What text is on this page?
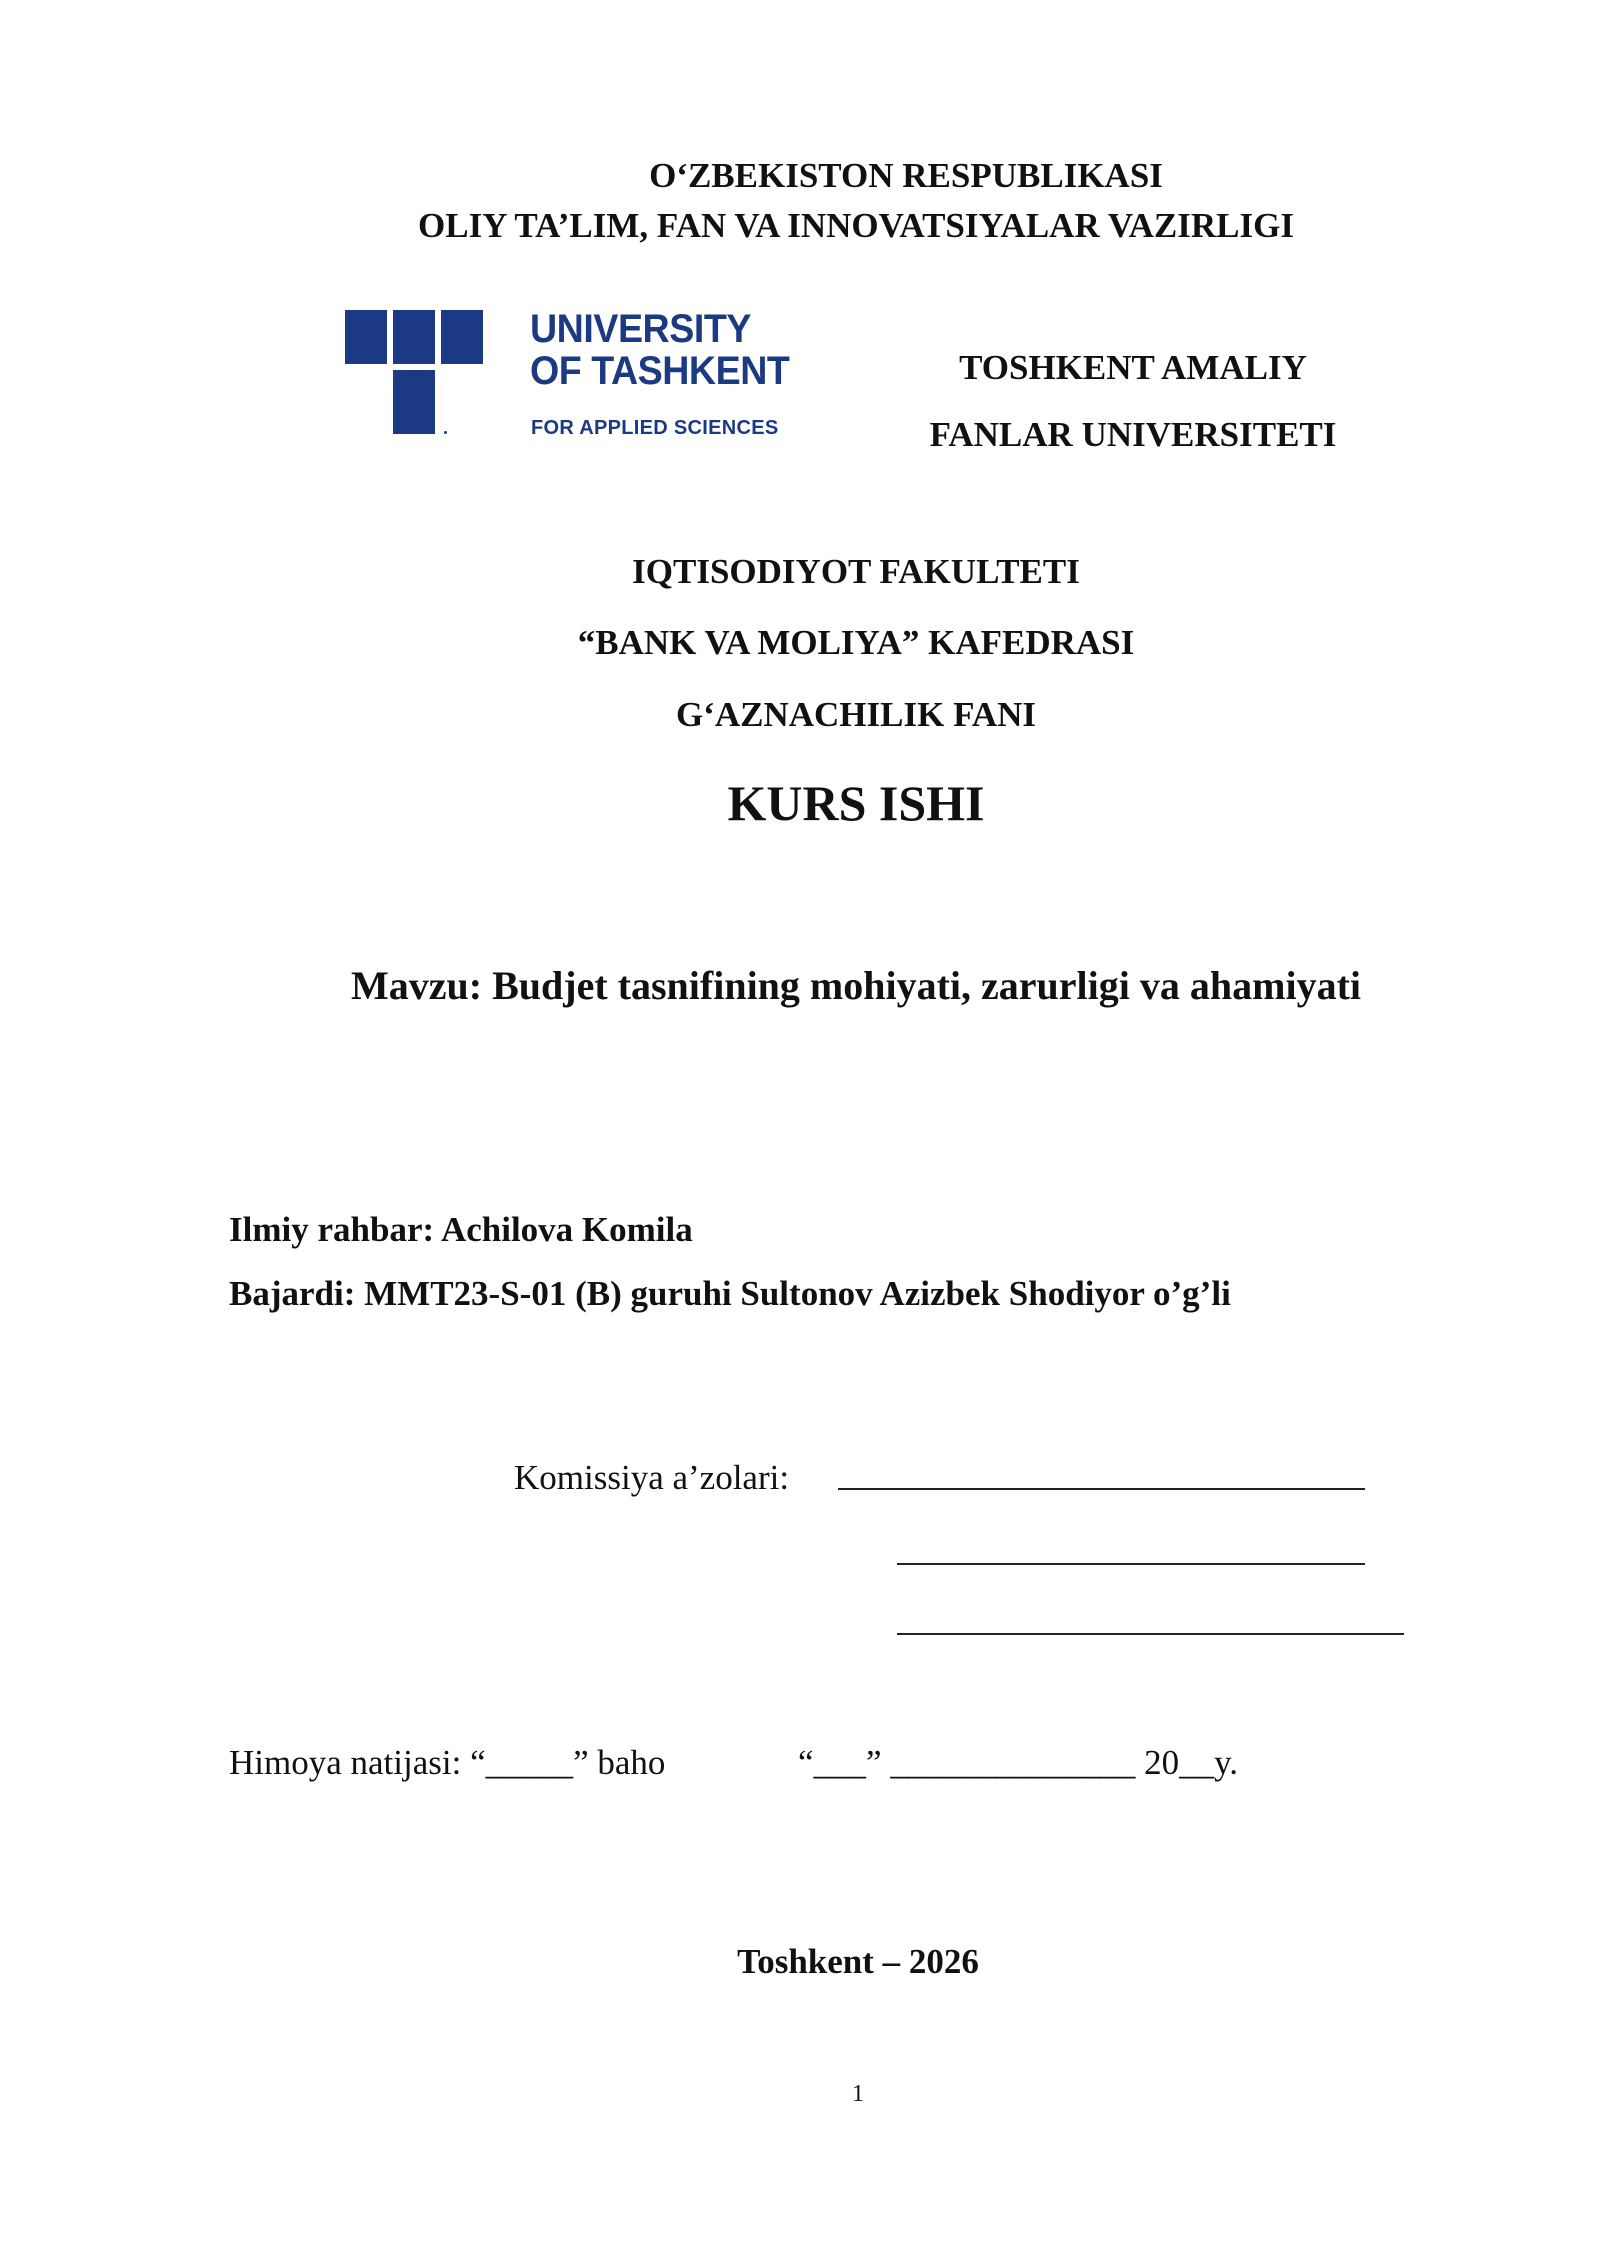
O‘ZBEKISTON RESPUBLIKASI
OLIY TA’LIM, FAN VA INNOVATSIYALAR VAZIRLIGI
UNIVERSITY
OF TASHKENT
FOR APPLIED SCIENCES
TOSHKENT AMALIY
FANLAR UNIVERSITETI
IQTISODIYOT FAKULTETI
“BANK VA MOLIYA” KAFEDRASI
G‘AZNACHILIK FANI
KURS ISHI
Mavzu: Budjet tasnifining mohiyati, zarurligi va ahamiyati
Ilmiy rahbar: Achilova Komila
Bajardi: MMT23-S-01 (B) guruhi Sultonov Azizbek Shodiyor o’g’li
Komissiya a’zolari:
Himoya natijasi: “_____” baho	“___” ______________ 20__y.
Toshkent – 2026
1
